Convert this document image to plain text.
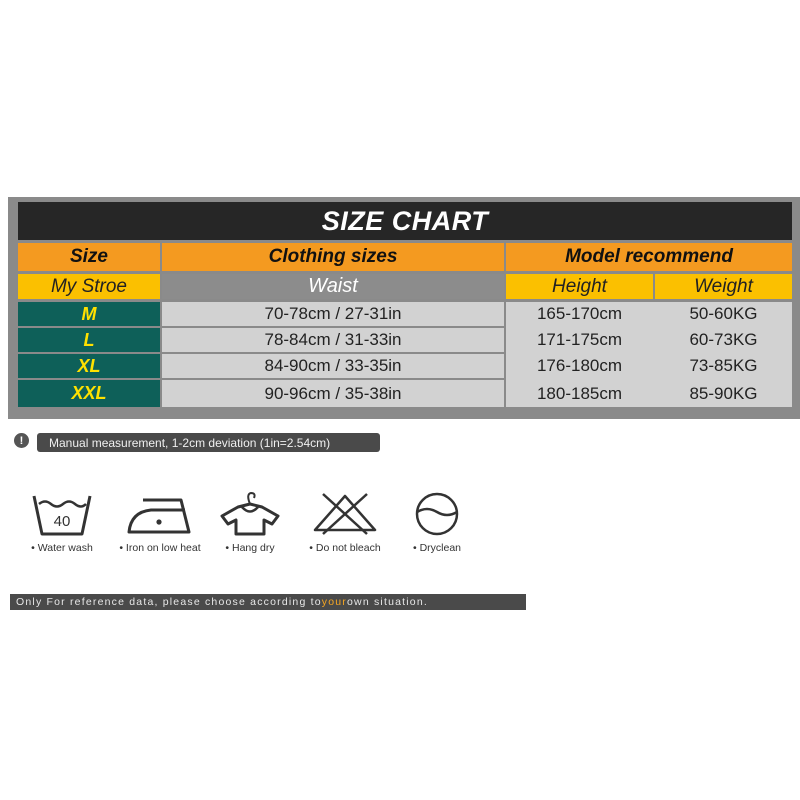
SIZE CHART
Size	Clothing sizes	Model recommend
My Stroe	Waist	Height	Weight
M	70-78cm / 27-31in	165-170cm	50-60KG
L	78-84cm / 31-33in	171-175cm	60-73KG
XL	84-90cm / 33-35in	176-180cm	73-85KG
XXL	90-96cm / 35-38in	180-185cm	85-90KG
!	Manual measurement, 1-2cm deviation (1in=2.54cm)
40
• Water wash	• Iron on low heat	• Hang dry	• Do not bleach	• Dryclean
Only For reference data, please choose according to your own situation.
